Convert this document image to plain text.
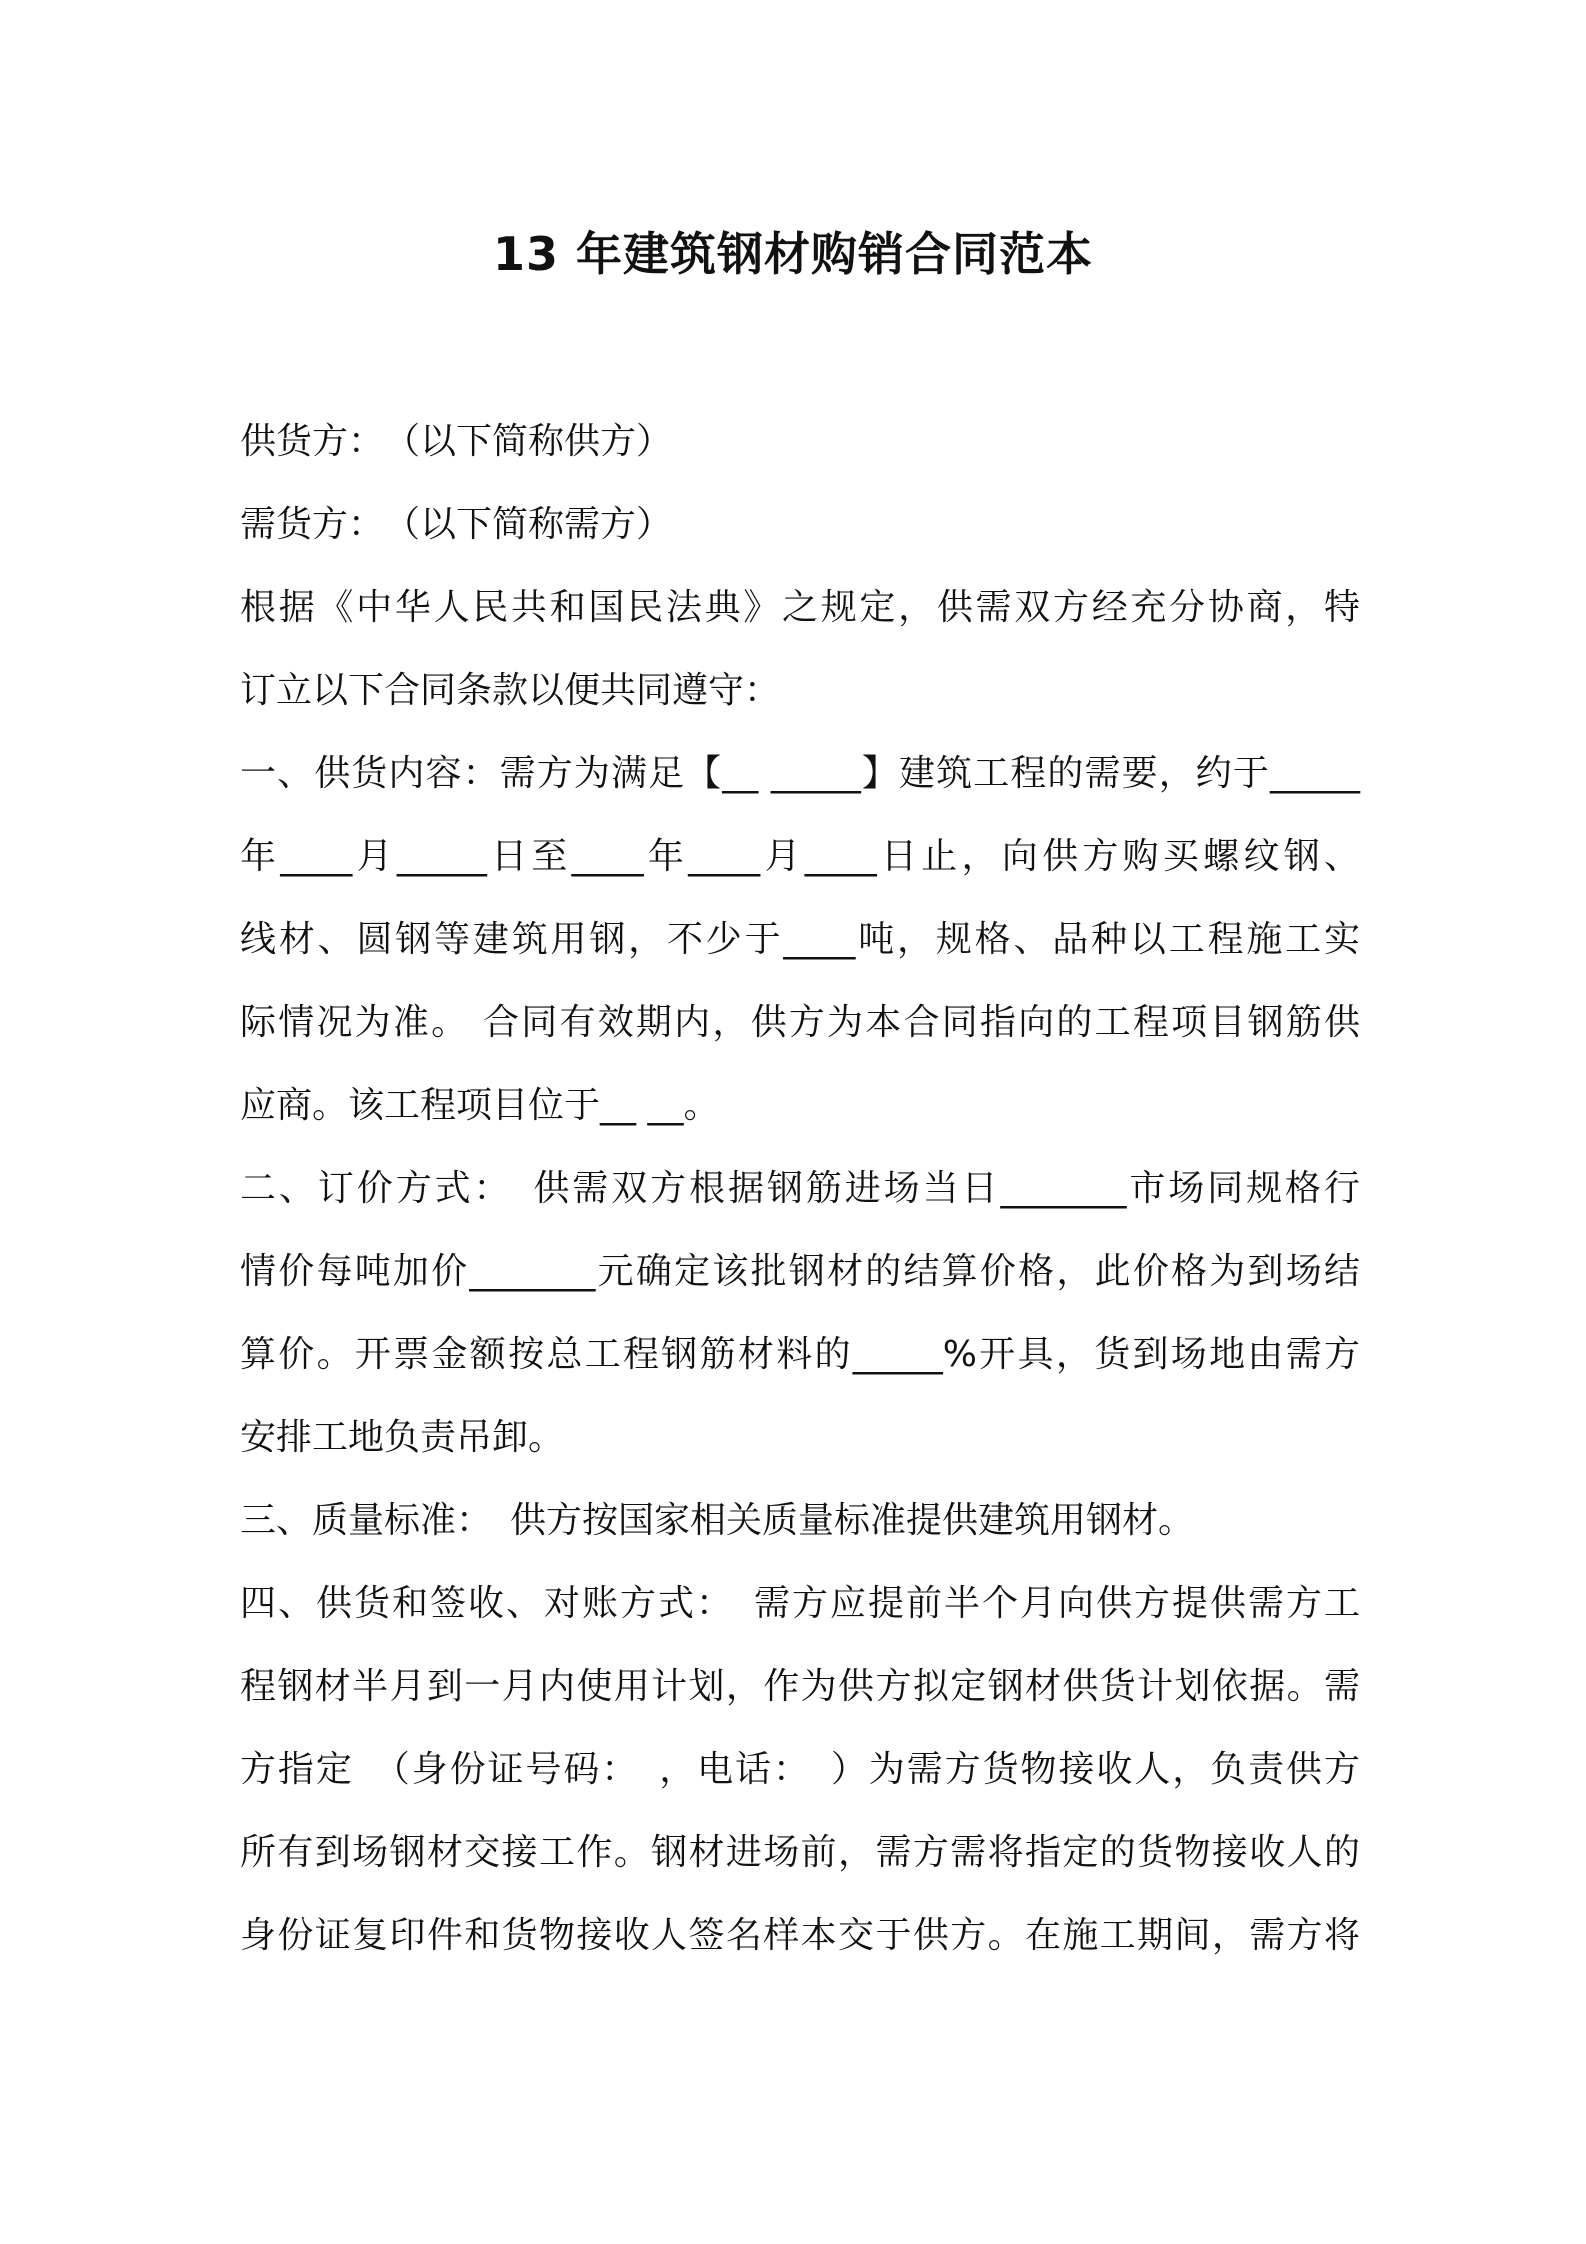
13 年建筑钢材购销合同范本
供货方：　（以下简称供方）
需货方：　（以下简称需方）
根据《中华人民共和国民法典》之规定，供需双方经充分协商，特
订立以下合同条款以便共同遵守：
一、供货内容：需方为满足【__ _____】建筑工程的需要，约于_____
年____月_____日至____年____月____日止，向供方购买螺纹钢、
线材、圆钢等建筑用钢，不少于____吨，规格、品种以工程施工实
际情况为准。 合同有效期内，供方为本合同指向的工程项目钢筋供
应商。该工程项目位于__ __。
二、订价方式：　供需双方根据钢筋进场当日_______市场同规格行
情价每吨加价_______元确定该批钢材的结算价格，此价格为到场结
算价。开票金额按总工程钢筋材料的_____%开具，货到场地由需方
安排工地负责吊卸。
三、质量标准：　供方按国家相关质量标准提供建筑用钢材。
四、供货和签收、对账方式：　需方应提前半个月向供方提供需方工
程钢材半月到一月内使用计划，作为供方拟定钢材供货计划依据。需
方指定　（身份证号码：　，电话：　）为需方货物接收人，负责供方
所有到场钢材交接工作。钢材进场前，需方需将指定的货物接收人的
身份证复印件和货物接收人签名样本交于供方。在施工期间，需方将
